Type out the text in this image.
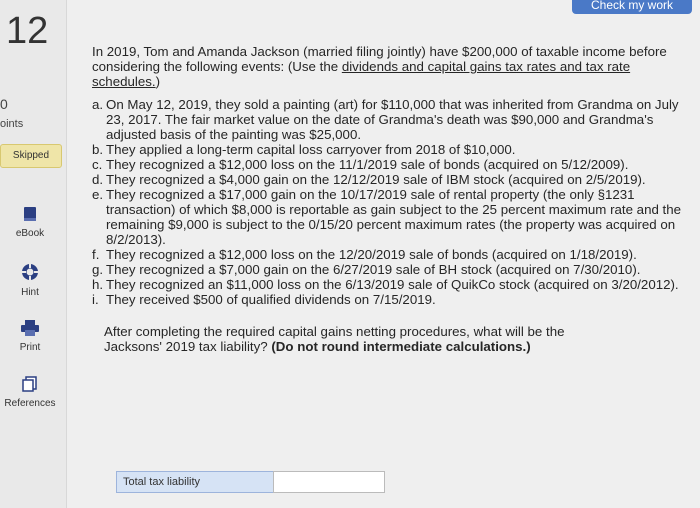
12
0
oints
Skipped
eBook
Hint
Print
References
Check my work

In 2019, Tom and Amanda Jackson (married filing jointly) have $200,000 of taxable income before considering the following events: (Use the dividends and capital gains tax rates and tax rate schedules.)

a. On May 12, 2019, they sold a painting (art) for $110,000 that was inherited from Grandma on July 23, 2017. The fair market value on the date of Grandma's death was $90,000 and Grandma's adjusted basis of the painting was $25,000.
b. They applied a long-term capital loss carryover from 2018 of $10,000.
c. They recognized a $12,000 loss on the 11/1/2019 sale of bonds (acquired on 5/12/2009).
d. They recognized a $4,000 gain on the 12/12/2019 sale of IBM stock (acquired on 2/5/2019).
e. They recognized a $17,000 gain on the 10/17/2019 sale of rental property (the only §1231 transaction) of which $8,000 is reportable as gain subject to the 25 percent maximum rate and the remaining $9,000 is subject to the 0/15/20 percent maximum rates (the property was acquired on 8/2/2013).
f. They recognized a $12,000 loss on the 12/20/2019 sale of bonds (acquired on 1/18/2019).
g. They recognized a $7,000 gain on the 6/27/2019 sale of BH stock (acquired on 7/30/2010).
h. They recognized an $11,000 loss on the 6/13/2019 sale of QuikCo stock (acquired on 3/20/2012).
i. They received $500 of qualified dividends on 7/15/2019.

After completing the required capital gains netting procedures, what will be the Jacksons' 2019 tax liability? (Do not round intermediate calculations.)

Total tax liability
